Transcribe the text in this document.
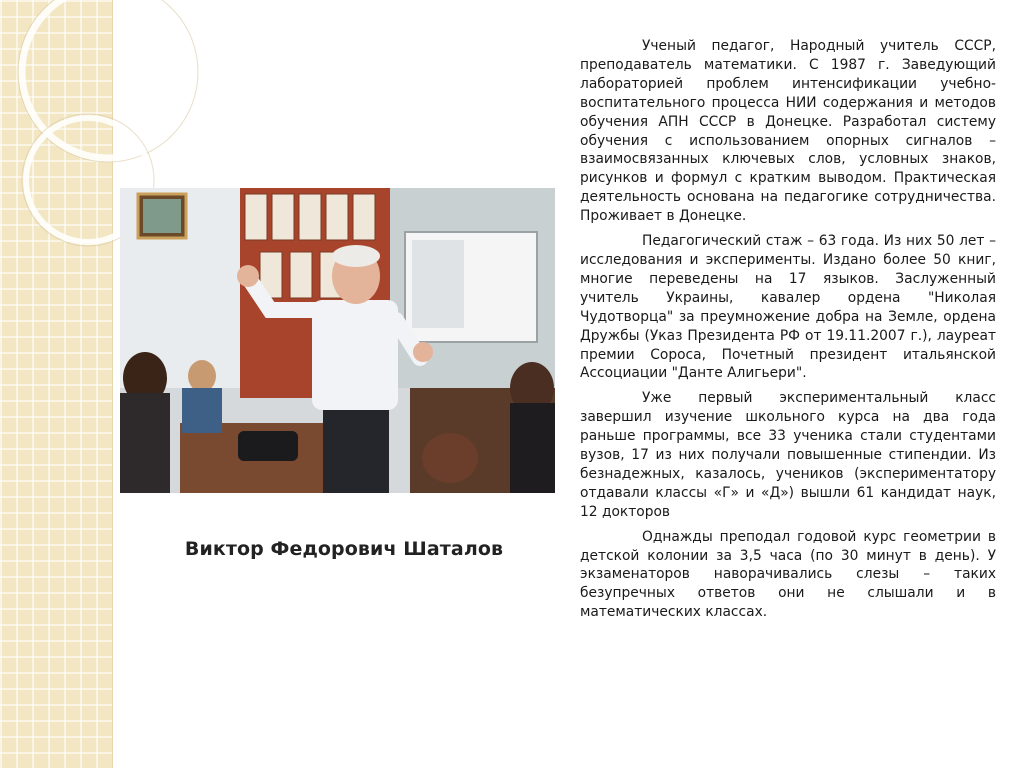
Виктор Федорович Шаталов

Ученый педагог, Народный учитель СССР, преподаватель математики. С 1987 г. Заведующий лабораторией проблем интенсификации учебно-воспитательного процесса НИИ содержания и методов обучения АПН СССР в Донецке. Разработал систему обучения с использованием опорных сигналов – взаимосвязанных ключевых слов, условных знаков, рисунков и формул с кратким выводом. Практическая деятельность основана на педагогике сотрудничества. Проживает в Донецке.

Педагогический стаж – 63 года. Из них 50 лет – исследования и эксперименты. Издано более 50 книг, многие переведены на 17 языков. Заслуженный учитель Украины, кавалер ордена "Николая Чудотворца" за преумножение добра на Земле, ордена Дружбы (Указ Президента РФ от 19.11.2007 г.), лауреат премии Сороса, Почетный президент итальянской Ассоциации "Данте Алигьери".

Уже первый экспериментальный класс завершил изучение школьного курса на два года раньше программы, все 33 ученика стали студентами вузов, 17 из них получали повышенные стипендии. Из безнадежных, казалось, учеников (экспериментатору отдавали классы «Г» и «Д») вышли 61 кандидат наук, 12 докторов

Однажды преподал годовой курс геометрии в детской колонии за 3,5 часа (по 30 минут в день). У экзаменаторов наворачивались слезы – таких безупречных ответов они не слышали и в математических классах.
